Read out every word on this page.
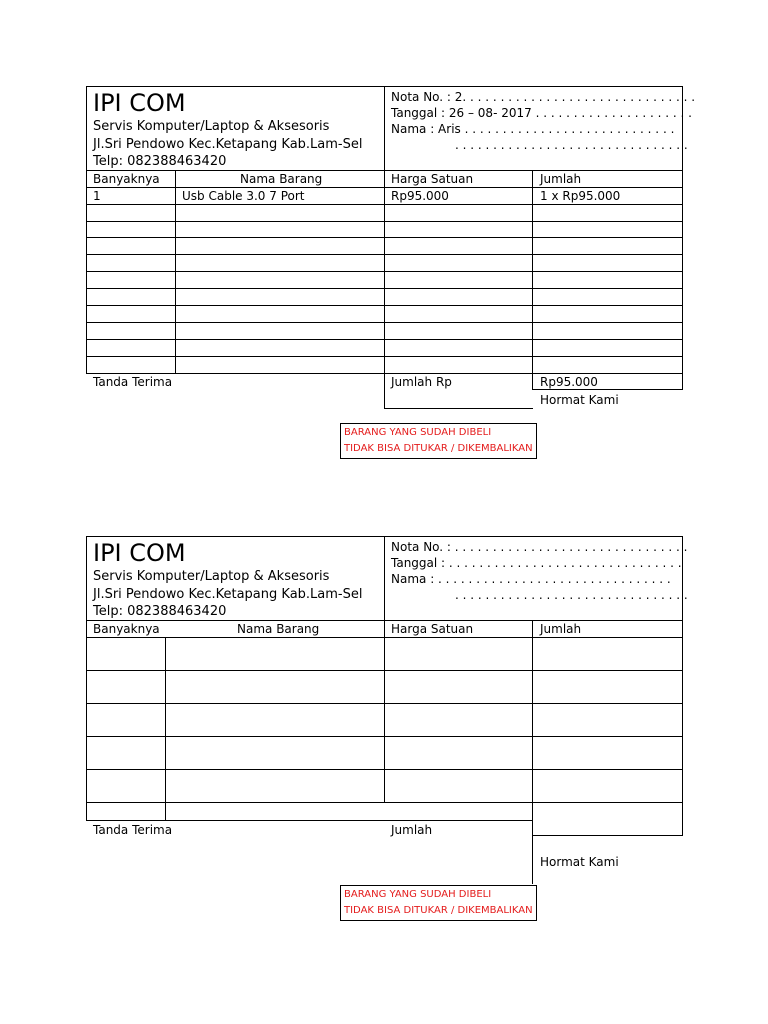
IPI COM
Servis Komputer/Laptop & Aksesoris
Jl.Sri Pendowo Kec.Ketapang Kab.Lam-Sel
Telp: 082388463420
Nota No. : 2. . . . . . . . . . . . . . . . . . . . . . . . . . . . . . .
Tanggal : 26 – 08- 2017 . . . . . . . . . . . . . . . . . . . . .
Nama : Aris . . . . . . . . . . . . . . . . . . . . . . . . . . . .
. . . . . . . . . . . . . . . . . . . . . . . . . . . . . . .
Banyaknya	Nama Barang	Harga Satuan	Jumlah
1	Usb Cable 3.0 7 Port	Rp95.000	1 x Rp95.000
Tanda Terima	Jumlah Rp	Rp95.000
Hormat Kami
BARANG YANG SUDAH DIBELI
TIDAK BISA DITUKAR / DIKEMBALIKAN
IPI COM
Servis Komputer/Laptop & Aksesoris
Jl.Sri Pendowo Kec.Ketapang Kab.Lam-Sel
Telp: 082388463420
Nota No. : . . . . . . . . . . . . . . . . . . . . . . . . . . . . . . .
Tanggal : . . . . . . . . . . . . . . . . . . . . . . . . . . . . . . .
Nama : . . . . . . . . . . . . . . . . . . . . . . . . . . . . . . .
. . . . . . . . . . . . . . . . . . . . . . . . . . . . . . .
Banyaknya	Nama Barang	Harga Satuan	Jumlah
Tanda Terima	Jumlah
Hormat Kami
BARANG YANG SUDAH DIBELI
TIDAK BISA DITUKAR / DIKEMBALIKAN
